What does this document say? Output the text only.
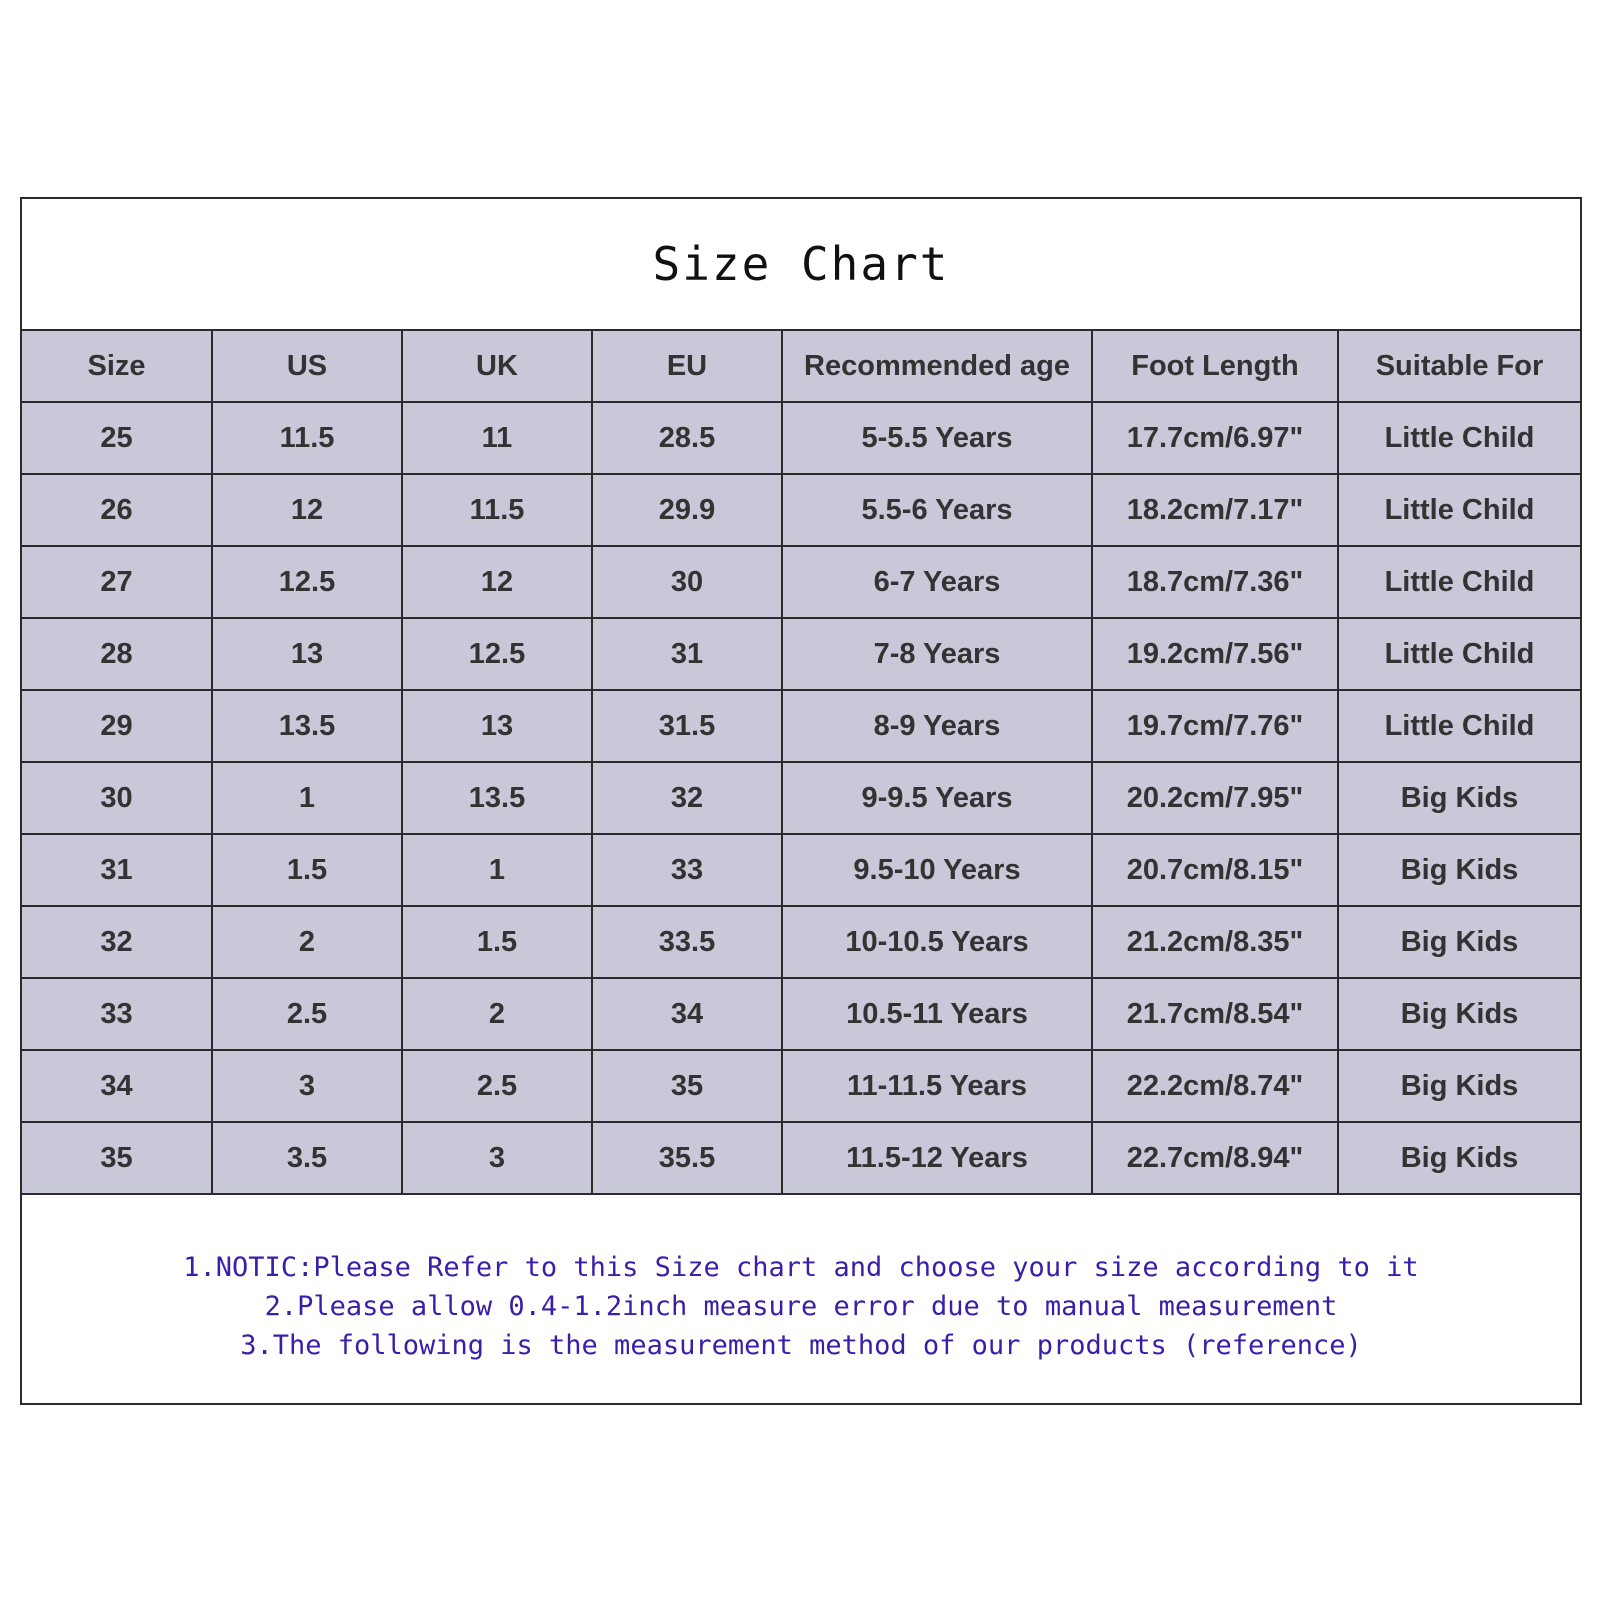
Size Chart
Size	US	UK	EU	Recommended age	Foot Length	Suitable For
25	11.5	11	28.5	5-5.5 Years	17.7cm/6.97"	Little Child
26	12	11.5	29.9	5.5-6 Years	18.2cm/7.17"	Little Child
27	12.5	12	30	6-7 Years	18.7cm/7.36"	Little Child
28	13	12.5	31	7-8 Years	19.2cm/7.56"	Little Child
29	13.5	13	31.5	8-9 Years	19.7cm/7.76"	Little Child
30	1	13.5	32	9-9.5 Years	20.2cm/7.95"	Big Kids
31	1.5	1	33	9.5-10 Years	20.7cm/8.15"	Big Kids
32	2	1.5	33.5	10-10.5 Years	21.2cm/8.35"	Big Kids
33	2.5	2	34	10.5-11 Years	21.7cm/8.54"	Big Kids
34	3	2.5	35	11-11.5 Years	22.2cm/8.74"	Big Kids
35	3.5	3	35.5	11.5-12 Years	22.7cm/8.94"	Big Kids
1.NOTIC:Please Refer to this Size chart and choose your size according to it
2.Please allow 0.4-1.2inch measure error due to manual measurement
3.The following is the measurement method of our products (reference)
